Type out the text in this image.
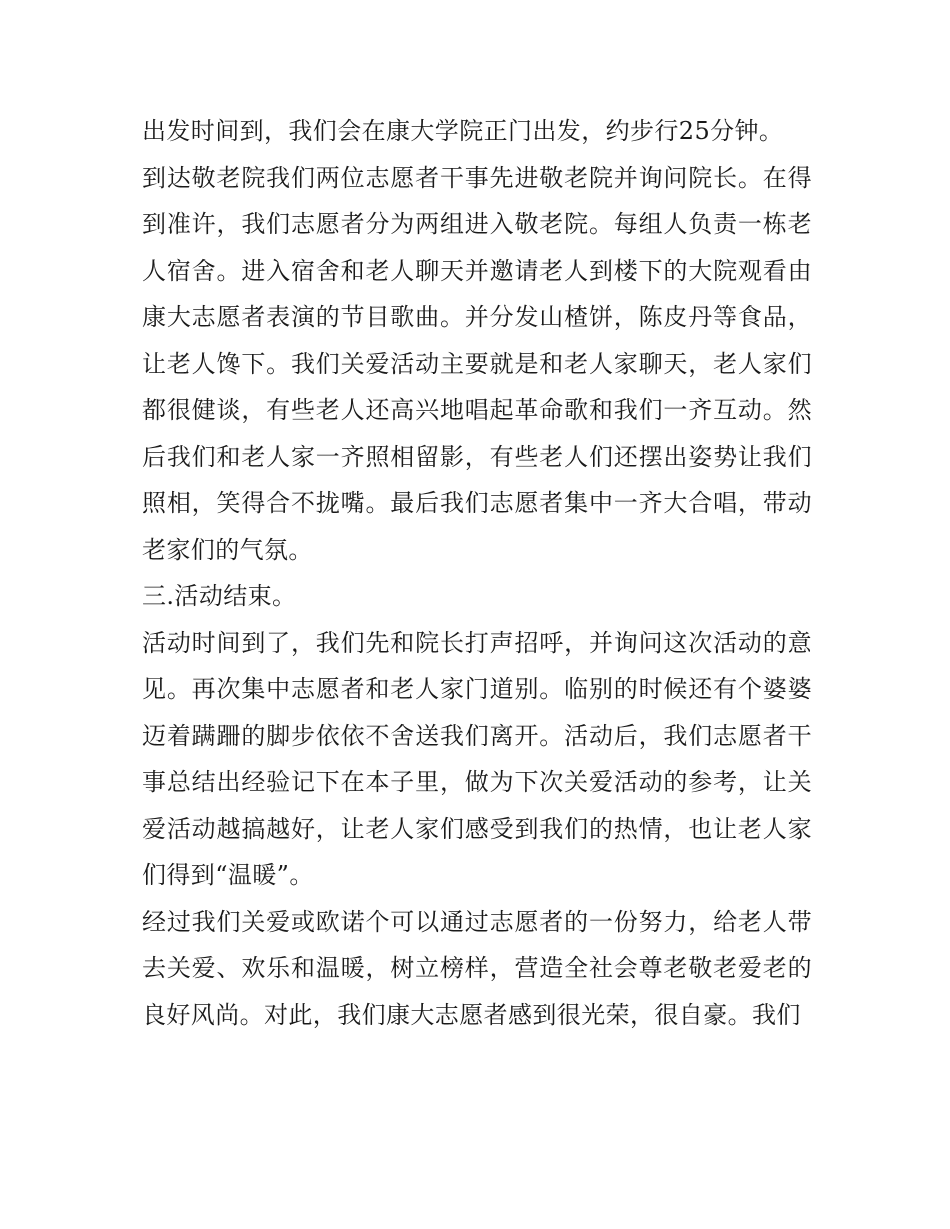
出发时间到，我们会在康大学院正门出发，约步行25分钟。

到达敬老院我们两位志愿者干事先进敬老院并询问院长。在得到准许，我们志愿者分为两组进入敬老院。每组人负责一栋老人宿舍。进入宿舍和老人聊天并邀请老人到楼下的大院观看由康大志愿者表演的节目歌曲。并分发山楂饼，陈皮丹等食品，让老人馋下。我们关爱活动主要就是和老人家聊天，老人家们都很健谈，有些老人还高兴地唱起革命歌和我们一齐互动。然后我们和老人家一齐照相留影，有些老人们还摆出姿势让我们照相，笑得合不拢嘴。最后我们志愿者集中一齐大合唱，带动老家们的气氛。

三.活动结束。

活动时间到了，我们先和院长打声招呼，并询问这次活动的意见。再次集中志愿者和老人家门道别。临别的时候还有个婆婆迈着蹒跚的脚步依依不舍送我们离开。活动后，我们志愿者干事总结出经验记下在本子里，做为下次关爱活动的参考，让关爱活动越搞越好，让老人家们感受到我们的热情，也让老人家们得到“温暖”。

经过我们关爱或欧诺个可以通过志愿者的一份努力，给老人带去关爱、欢乐和温暖，树立榜样，营造全社会尊老敬老爱老的良好风尚。对此，我们康大志愿者感到很光荣，很自豪。我们
